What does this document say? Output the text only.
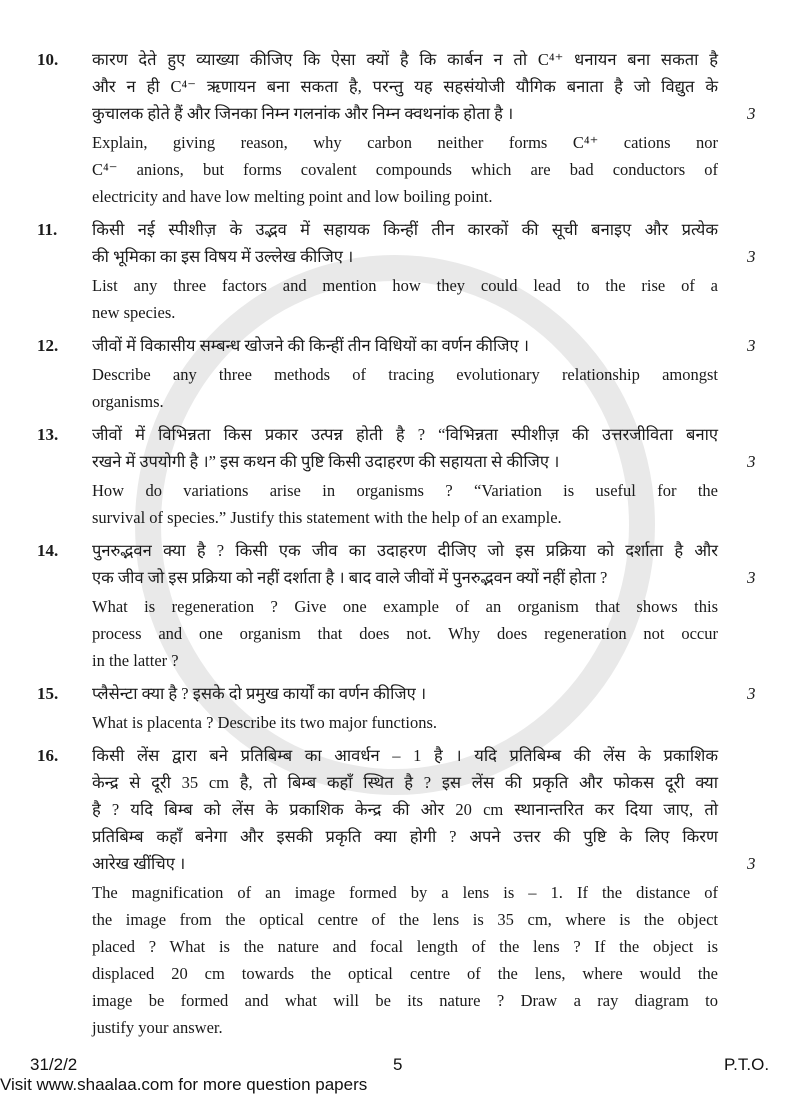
10.	कारण देते हुए व्याख्या कीजिए कि ऐसा क्यों है कि कार्बन न तो C⁴⁺ धनायन बना सकता है
और न ही C⁴⁻ ऋणायन बना सकता है, परन्तु यह सहसंयोजी यौगिक बनाता है जो विद्युत के
कुचालक होते हैं और जिनका निम्न गलनांक और निम्न क्वथनांक होता है ।	3
Explain, giving reason, why carbon neither forms C⁴⁺ cations nor
C⁴⁻ anions, but forms covalent compounds which are bad conductors of
electricity and have low melting point and low boiling point.
11.	किसी नई स्पीशीज़ के उद्भव में सहायक किन्हीं तीन कारकों की सूची बनाइए और प्रत्येक
की भूमिका का इस विषय में उल्लेख कीजिए ।	3
List any three factors and mention how they could lead to the rise of a
new species.
12.	जीवों में विकासीय सम्बन्ध खोजने की किन्हीं तीन विधियों का वर्णन कीजिए ।	3
Describe any three methods of tracing evolutionary relationship amongst
organisms.
13.	जीवों में विभिन्नता किस प्रकार उत्पन्न होती है ? “विभिन्नता स्पीशीज़ की उत्तरजीविता बनाए
रखने में उपयोगी है ।” इस कथन की पुष्टि किसी उदाहरण की सहायता से कीजिए ।	3
How do variations arise in organisms ? “Variation is useful for the
survival of species.” Justify this statement with the help of an example.
14.	पुनरुद्भवन क्या है ? किसी एक जीव का उदाहरण दीजिए जो इस प्रक्रिया को दर्शाता है और
एक जीव जो इस प्रक्रिया को नहीं दर्शाता है । बाद वाले जीवों में पुनरुद्भवन क्यों नहीं होता ?	3
What is regeneration ? Give one example of an organism that shows this
process and one organism that does not. Why does regeneration not occur
in the latter ?
15.	प्लैसेन्टा क्या है ? इसके दो प्रमुख कार्यों का वर्णन कीजिए ।	3
What is placenta ? Describe its two major functions.
16.	किसी लेंस द्वारा बने प्रतिबिम्ब का आवर्धन – 1 है । यदि प्रतिबिम्ब की लेंस के प्रकाशिक
केन्द्र से दूरी 35 cm है, तो बिम्ब कहाँ स्थित है ? इस लेंस की प्रकृति और फोकस दूरी क्या
है ? यदि बिम्ब को लेंस के प्रकाशिक केन्द्र की ओर 20 cm स्थानान्तरित कर दिया जाए, तो
प्रतिबिम्ब कहाँ बनेगा और इसकी प्रकृति क्या होगी ? अपने उत्तर की पुष्टि के लिए किरण
आरेख खींचिए ।	3
The magnification of an image formed by a lens is – 1. If the distance of
the image from the optical centre of the lens is 35 cm, where is the object
placed ? What is the nature and focal length of the lens ? If the object is
displaced 20 cm towards the optical centre of the lens, where would the
image be formed and what will be its nature ? Draw a ray diagram to
justify your answer.
31/2/2	5	P.T.O.
Visit www.shaalaa.com for more question papers
